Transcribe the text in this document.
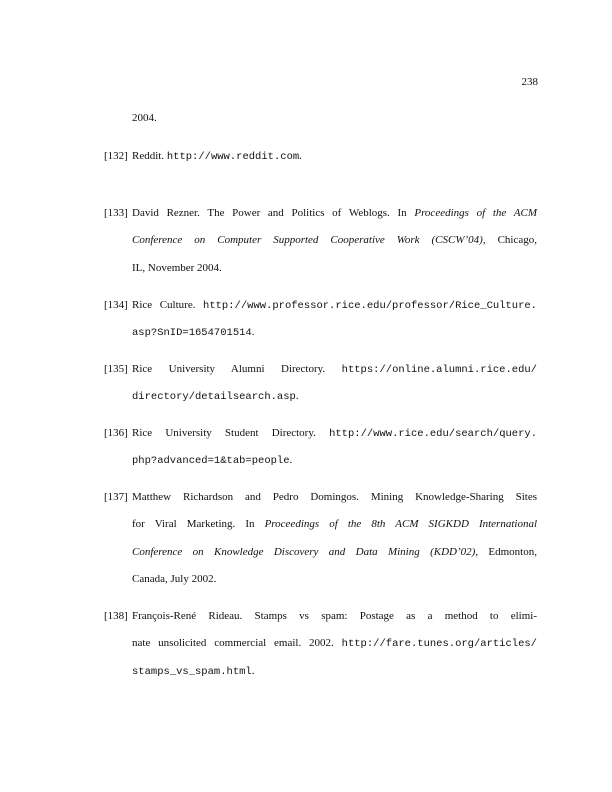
238
2004.
[132] Reddit. http://www.reddit.com.
[133] David Rezner. The Power and Politics of Weblogs. In Proceedings of the ACM
Conference on Computer Supported Cooperative Work (CSCW’04), Chicago,
IL, November 2004.
[134] Rice Culture. http://www.professor.rice.edu/professor/Rice_Culture.
asp?SnID=1654701514.
[135] Rice University Alumni Directory. https://online.alumni.rice.edu/
directory/detailsearch.asp.
[136] Rice University Student Directory. http://www.rice.edu/search/query.
php?advanced=1&tab=people.
[137] Matthew Richardson and Pedro Domingos. Mining Knowledge-Sharing Sites
for Viral Marketing. In Proceedings of the 8th ACM SIGKDD International
Conference on Knowledge Discovery and Data Mining (KDD’02), Edmonton,
Canada, July 2002.
[138] François-René Rideau. Stamps vs spam: Postage as a method to elimi-
nate unsolicited commercial email. 2002. http://fare.tunes.org/articles/
stamps_vs_spam.html.
